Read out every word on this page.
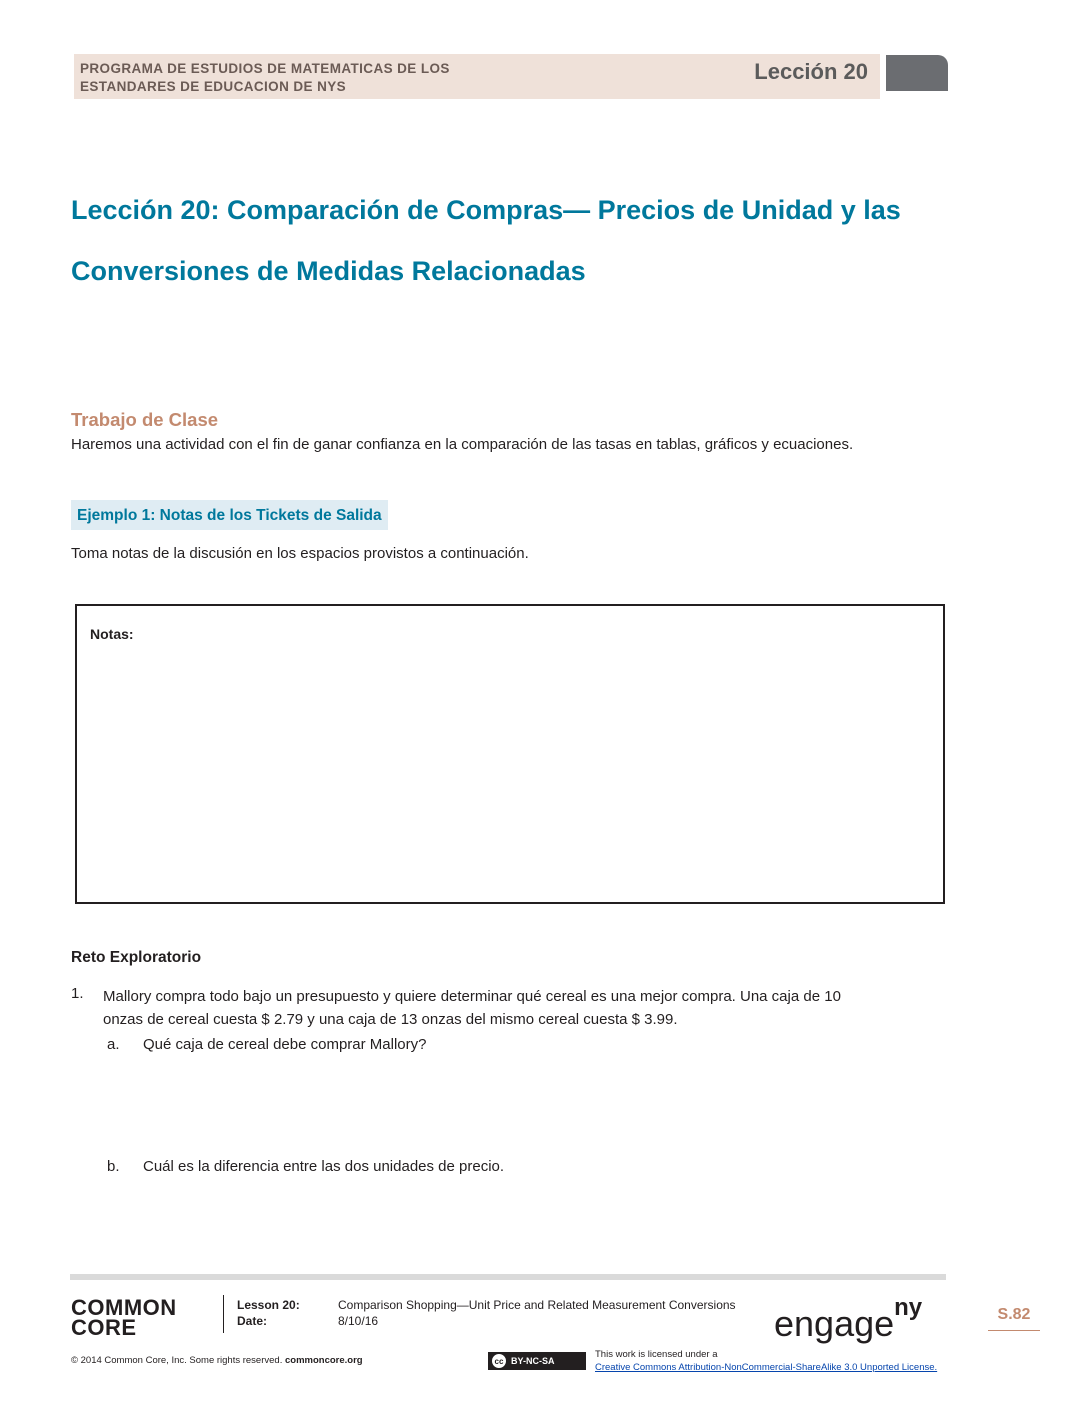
PROGRAMA DE ESTUDIOS DE MATEMATICAS DE LOS
ESTANDARES DE EDUCACION DE NYS
Lección 20
Lección 20: Comparación de Compras— Precios de Unidad y las
Conversiones de Medidas Relacionadas
Trabajo de Clase
Haremos una actividad con el fin de ganar confianza en la comparación de las tasas en tablas, gráficos y ecuaciones.
Ejemplo 1: Notas de los Tickets de Salida
Toma notas de la discusión en los espacios provistos a continuación.
Notas:
Reto Exploratorio
1. Mallory compra todo bajo un presupuesto y quiere determinar qué cereal es una mejor compra. Una caja de 10
onzas de cereal cuesta $ 2.79 y una caja de 13 onzas del mismo cereal cuesta $ 3.99.
a. Qué caja de cereal debe comprar Mallory?
b. Cuál es la diferencia entre las dos unidades de precio.
COMMON
CORE
Lesson 20:
Date:
Comparison Shopping—Unit Price and Related Measurement Conversions
8/10/16	engage$^{ny}$	S.82
© 2014 Common Core, Inc. Some rights reserved. commoncore.org	cc BY-NC-SA
This work is licensed under a
Creative Commons Attribution-NonCommercial-ShareAlike 3.0 Unported License.
